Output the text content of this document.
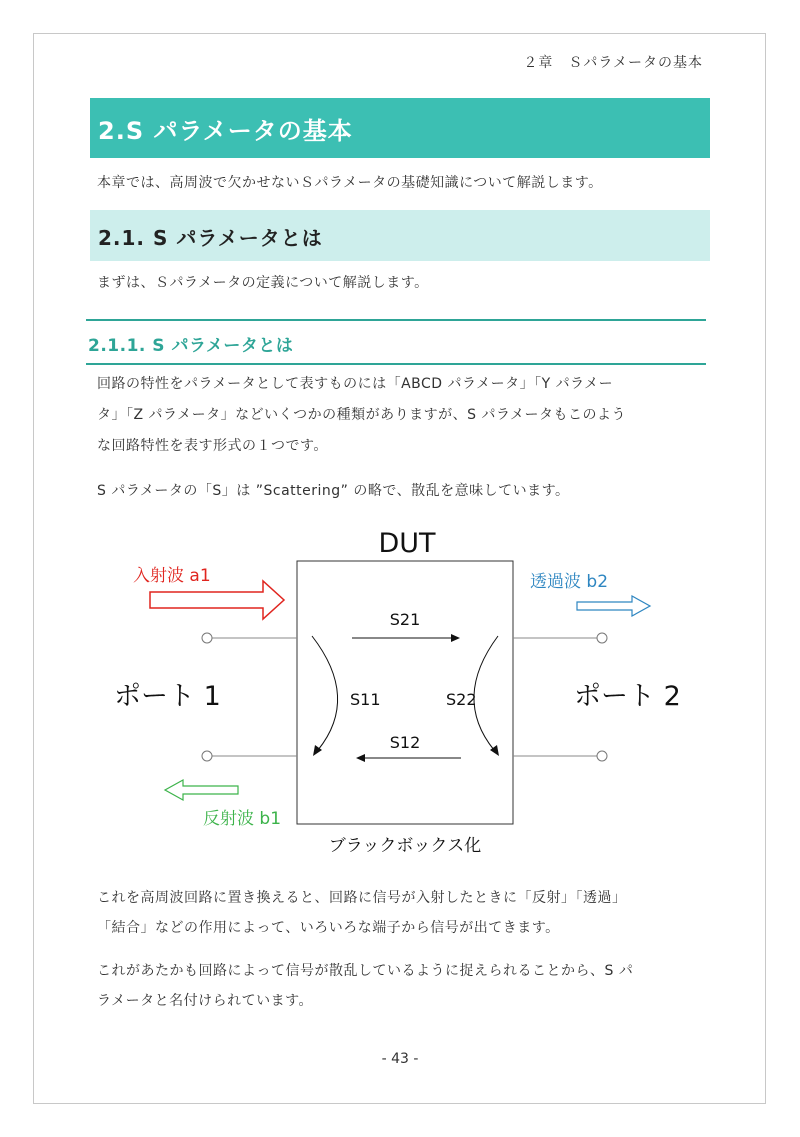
２章　Ｓパラメータの基本
2.S パラメータの基本
本章では、高周波で欠かせないＳパラメータの基礎知識について解説します。
2.1. S パラメータとは
まずは、Ｓパラメータの定義について解説します。
2.1.1. S パラメータとは
回路の特性をパラメータとして表すものには「ABCD パラメータ」「Y パラメー
タ」「Z パラメータ」などいくつかの種類がありますが、S パラメータもこのよう
な回路特性を表す形式の１つです。
S パラメータの「S」は ”Scattering” の略で、散乱を意味しています。
DUT
入射波 a1	透過波 b2
反射波 b1
ポート 1	ポート 2
S21
S12
S11	S22
ブラックボックス化
これを高周波回路に置き換えると、回路に信号が入射したときに「反射」「透過」
「結合」などの作用によって、いろいろな端子から信号が出てきます。
これがあたかも回路によって信号が散乱しているように捉えられることから、S パ
ラメータと名付けられています。
- 43 -
